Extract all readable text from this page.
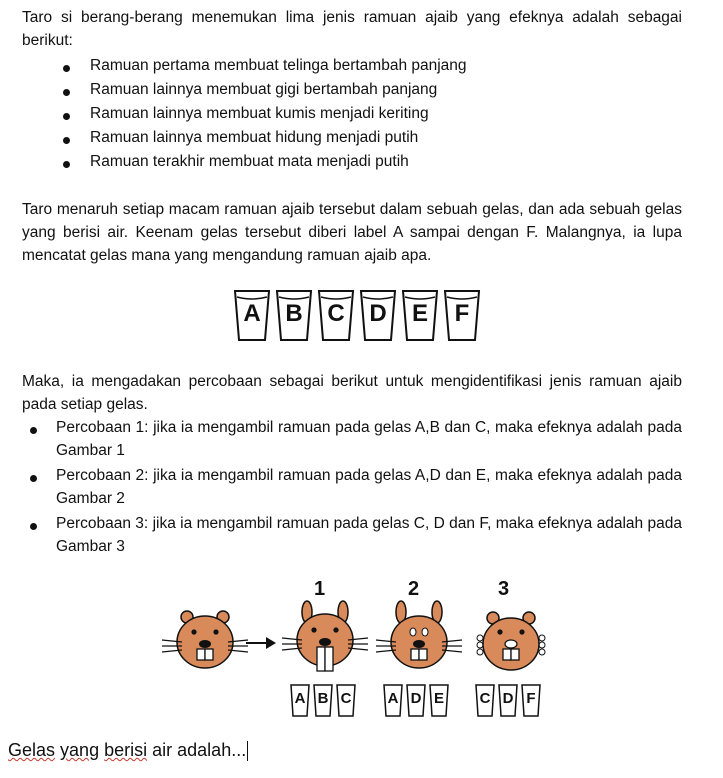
Taro si berang-berang menemukan lima jenis ramuan ajaib yang efeknya adalah sebagai berikut:
Ramuan pertama membuat telinga bertambah panjang
Ramuan lainnya membuat gigi bertambah panjang
Ramuan lainnya membuat kumis menjadi keriting
Ramuan lainnya membuat hidung menjadi putih
Ramuan terakhir membuat mata menjadi putih
Taro menaruh setiap macam ramuan ajaib tersebut dalam sebuah gelas, dan ada sebuah gelas yang berisi air. Keenam gelas tersebut diberi label A sampai dengan F. Malangnya, ia lupa mencatat gelas mana yang mengandung ramuan ajaib apa.
A	B	C	D	E	F
Maka, ia mengadakan percobaan sebagai berikut untuk mengidentifikasi jenis ramuan ajaib pada setiap gelas.
Percobaan 1: jika ia mengambil ramuan pada gelas A,B dan C, maka efeknya adalah pada Gambar 1
Percobaan 2: jika ia mengambil ramuan pada gelas A,D dan E, maka efeknya adalah pada Gambar 2
Percobaan 3: jika ia mengambil ramuan pada gelas C, D dan F, maka efeknya adalah pada Gambar 3
1	2	3
A B C	A D E	C D F
Gelas yang berisi air adalah...
